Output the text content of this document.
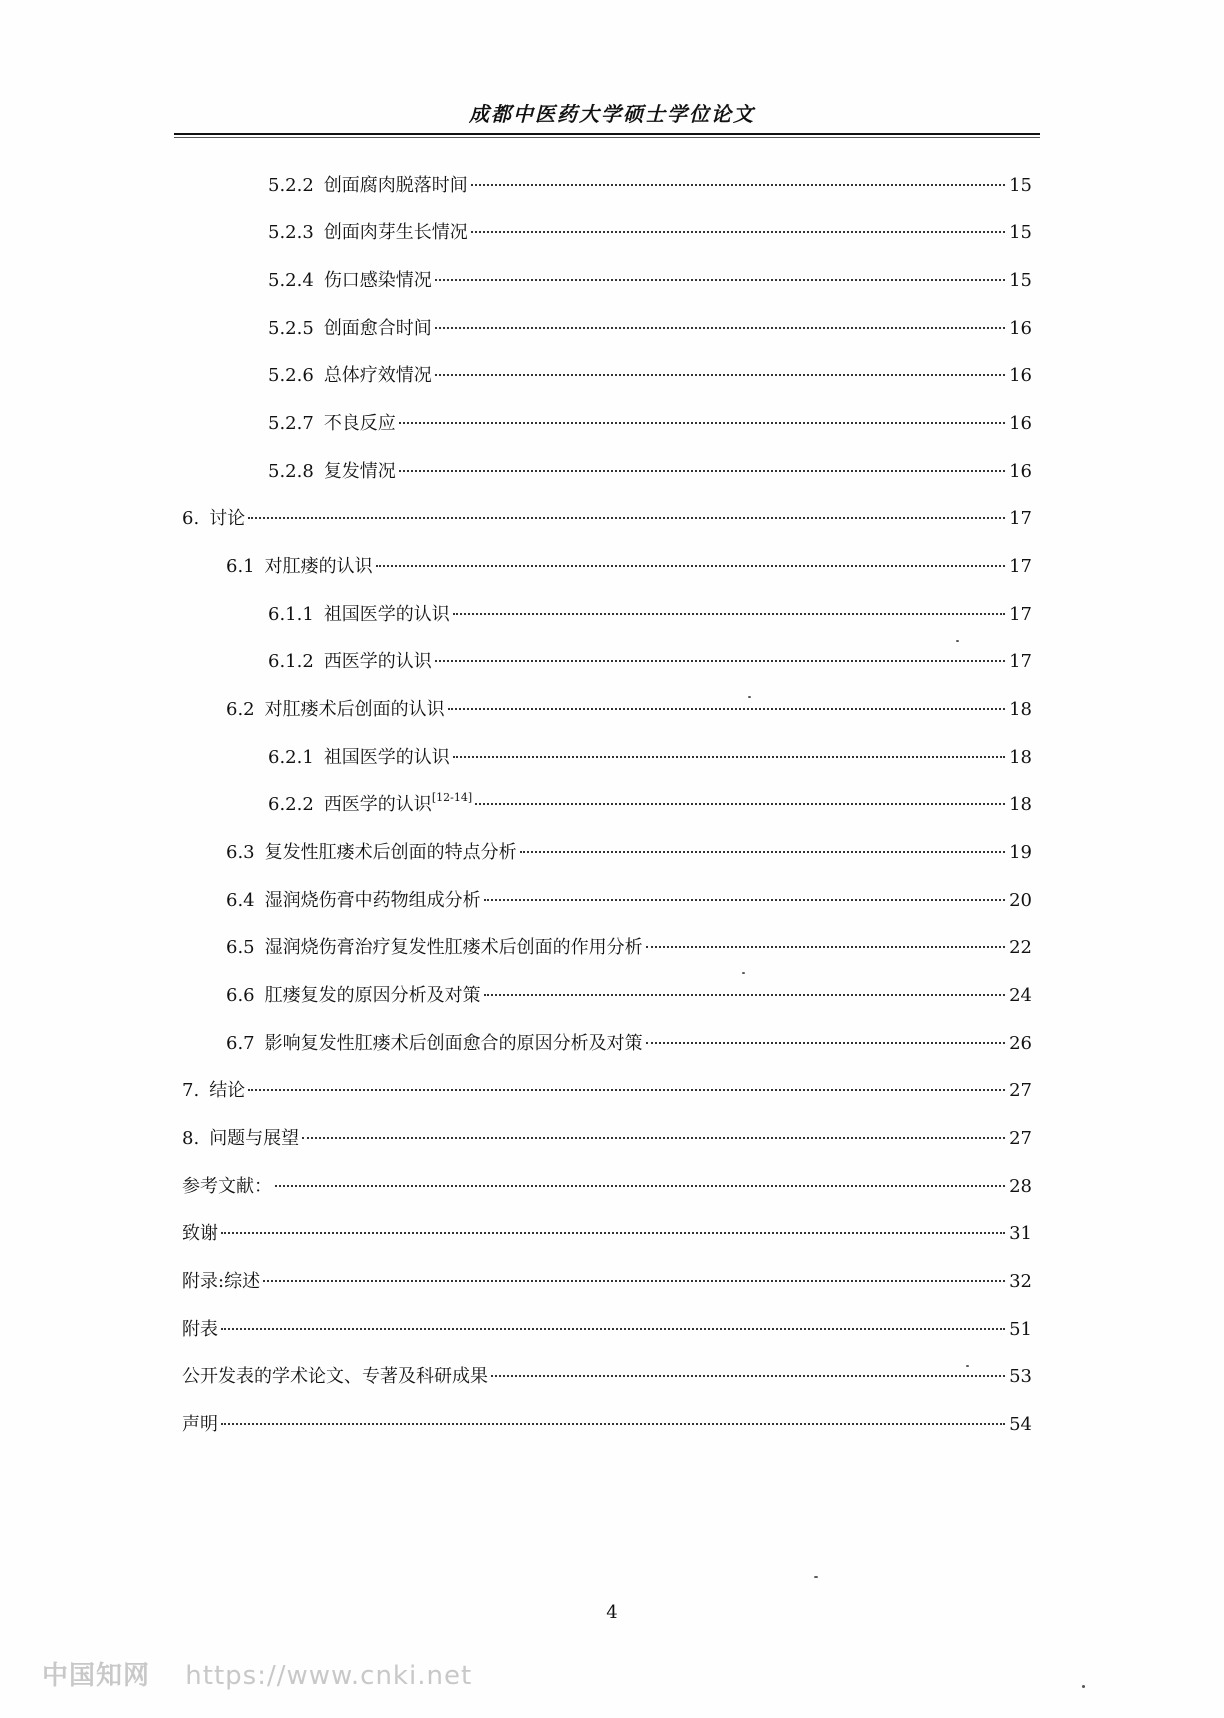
成都中医药大学硕士学位论文
5.2.2 创面腐肉脱落时间	15
5.2.3 创面肉芽生长情况	15
5.2.4 伤口感染情况	15
5.2.5 创面愈合时间	16
5.2.6 总体疗效情况	16
5.2.7 不良反应	16
5.2.8 复发情况	16
6. 讨论	17
6.1 对肛瘘的认识	17
6.1.1 祖国医学的认识	17
6.1.2 西医学的认识	17
6.2 对肛瘘术后创面的认识	18
6.2.1 祖国医学的认识	18
6.2.2 西医学的认识[12-14]	18
6.3 复发性肛瘘术后创面的特点分析	19
6.4 湿润烧伤膏中药物组成分析	20
6.5 湿润烧伤膏治疗复发性肛瘘术后创面的作用分析	22
6.6 肛瘘复发的原因分析及对策	24
6.7 影响复发性肛瘘术后创面愈合的原因分析及对策	26
7. 结论	27
8. 问题与展望	27
参考文献：	28
致谢	31
附录:综述	32
附表	51
公开发表的学术论文、专著及科研成果	53
声明	54
4
中国知网 https://www.cnki.net
